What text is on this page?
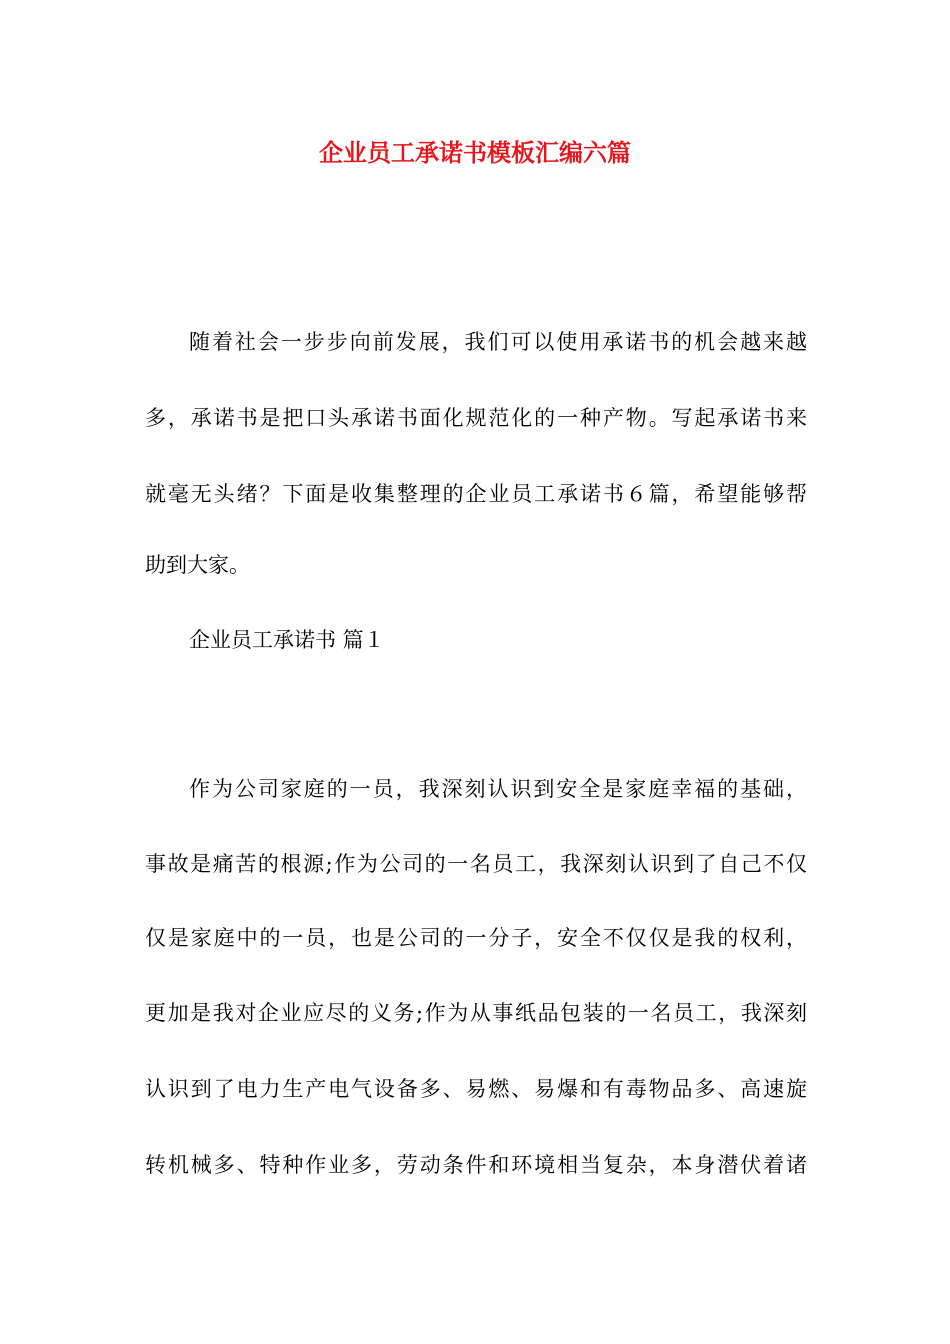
企业员工承诺书模板汇编六篇
随着社会一步步向前发展，我们可以使用承诺书的机会越来越
多，承诺书是把口头承诺书面化规范化的一种产物。写起承诺书来
就毫无头绪？下面是收集整理的企业员工承诺书６篇，希望能够帮
助到大家。
企业员工承诺书 篇１
作为公司家庭的一员，我深刻认识到安全是家庭幸福的基础，
事故是痛苦的根源;作为公司的一名员工，我深刻认识到了自己不仅
仅是家庭中的一员，也是公司的一分子，安全不仅仅是我的权利，
更加是我对企业应尽的义务;作为从事纸品包装的一名员工，我深刻
认识到了电力生产电气设备多、易燃、易爆和有毒物品多、高速旋
转机械多、特种作业多，劳动条件和环境相当复杂，本身潜伏着诸
